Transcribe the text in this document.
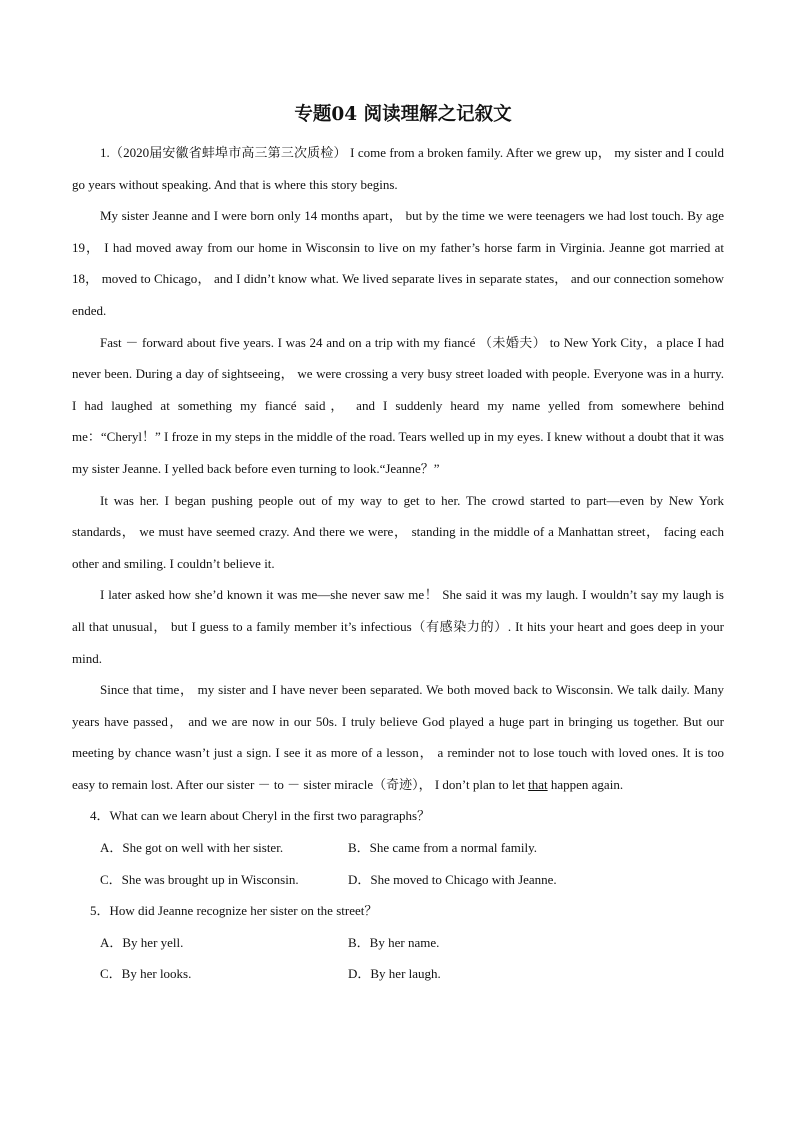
专题04 阅读理解之记叙文

1.（2020届安徽省蚌埠市高三第三次质检） I come from a broken family. After we grew up， my sister and I could go years without speaking. And that is where this story begins.

My sister Jeanne and I were born only 14 months apart， but by the time we were teenagers we had lost touch. By age 19， I had moved away from our home in Wisconsin to live on my father’s horse farm in Virginia. Jeanne got married at 18， moved to Chicago， and I didn’t know what. We lived separate lives in separate states， and our connection somehow ended.

Fast － forward about five years. I was 24 and on a trip with my fiancé （未婚夫） to New York City，a place I had never been. During a day of sightseeing， we were crossing a very busy street loaded with people. Everyone was in a hurry. I had laughed at something my fiancé said， and I suddenly heard my name yelled from somewhere behind me：“Cheryl！” I froze in my steps in the middle of the road. Tears welled up in my eyes. I knew without a doubt that it was my sister Jeanne. I yelled back before even turning to look.“Jeanne？”

It was her. I began pushing people out of my way to get to her. The crowd started to part—even by New York standards， we must have seemed crazy. And there we were， standing in the middle of a Manhattan street， facing each other and smiling. I couldn’t believe it.

I later asked how she’d known it was me—she never saw me！ She said it was my laugh. I wouldn’t say my laugh is all that unusual， but I guess to a family member it’s infectious（有感染力的）. It hits your heart and goes deep in your mind.

Since that time， my sister and I have never been separated. We both moved back to Wisconsin. We talk daily. Many years have passed， and we are now in our 50s. I truly believe God played a huge part in bringing us together. But our meeting by chance wasn’t just a sign. I see it as more of a lesson， a reminder not to lose touch with loved ones. It is too easy to remain lost. After our sister － to － sister miracle（奇迹）， I don’t plan to let that happen again.

4．What can we learn about Cheryl in the first two paragraphs？

A．She got on well with her sister.	B．She came from a normal family.
C．She was brought up in Wisconsin.	D．She moved to Chicago with Jeanne.

5．How did Jeanne recognize her sister on the street？

A．By her yell.	B．By her name.
C．By her looks.	D．By her laugh.
